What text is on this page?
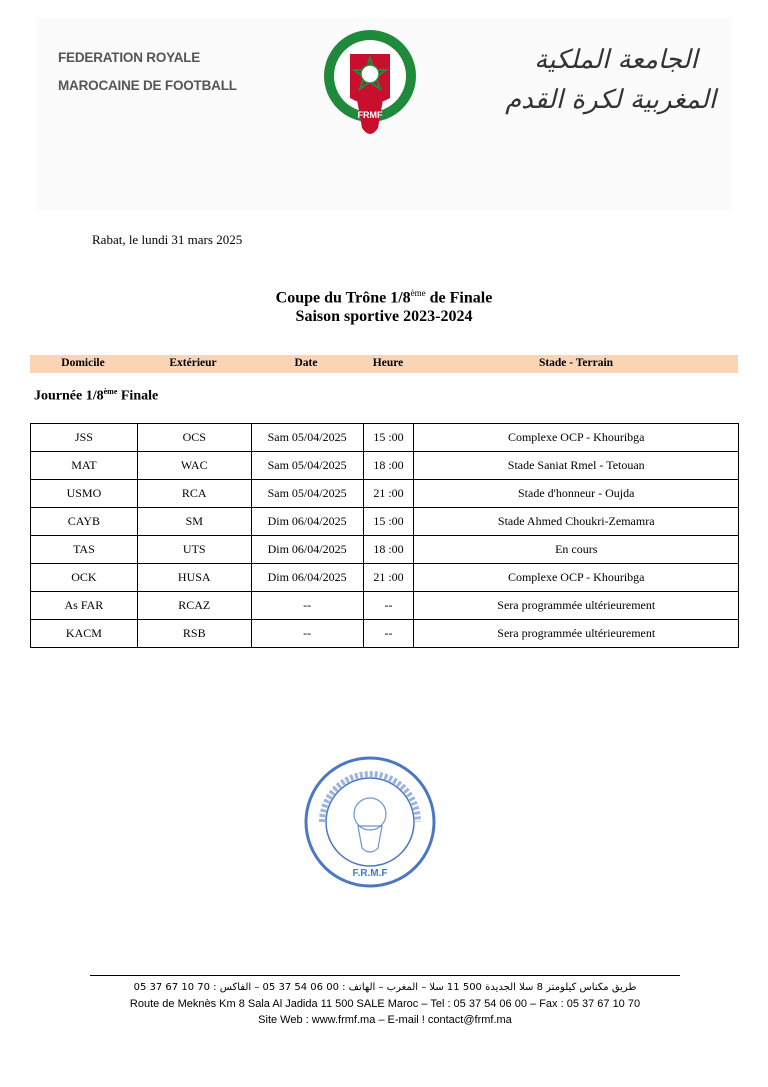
FEDERATION ROYALE
MAROCAINE DE FOOTBALL
FRMF
الجامعة الملكية
المغربية لكرة القدم
Rabat, le lundi 31 mars 2025
Coupe du Trône 1/8ème de Finale
Saison sportive 2023-2024
Domicile	Extérieur	Date	Heure	Stade - Terrain
Journée 1/8ème Finale
JSS	OCS	Sam 05/04/2025	15 :00	Complexe OCP - Khouribga
MAT	WAC	Sam 05/04/2025	18 :00	Stade Saniat Rmel - Tetouan
USMO	RCA	Sam 05/04/2025	21 :00	Stade d'honneur - Oujda
CAYB	SM	Dim 06/04/2025	15 :00	Stade Ahmed Choukri-Zemamra
TAS	UTS	Dim 06/04/2025	18 :00	En cours
OCK	HUSA	Dim 06/04/2025	21 :00	Complexe OCP - Khouribga
As FAR	RCAZ	--	--	Sera programmée ultérieurement
KACM	RSB	--	--	Sera programmée ultérieurement
F.R.M.F
طريق مكناس كيلومتر 8 سلا الجديدة 500 11 سلا – المغرب – الهاتف : 00 06 54 37 05 – الفاكس : 70 10 67 37 05
Route de Meknès Km 8 Sala Al Jadida 11 500 SALE Maroc – Tel : 05 37 54 06 00 – Fax : 05 37 67 10 70
Site Web : www.frmf.ma – E-mail ! contact@frmf.ma
